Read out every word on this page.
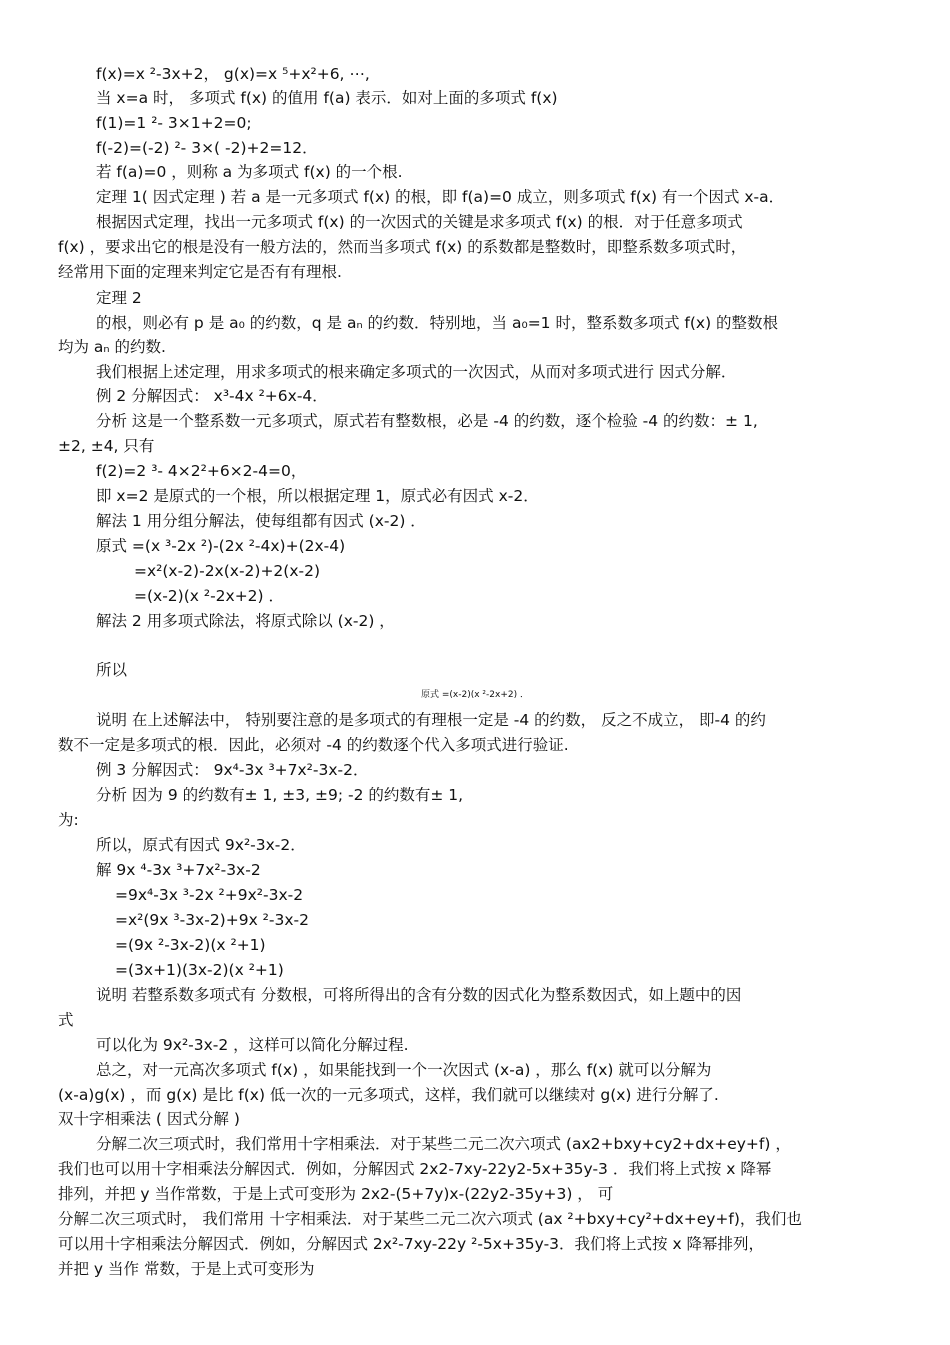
f(x)=x ²-3x+2， g(x)=x ⁵+x²+6, ⋯,
当 x=a 时， 多项式 f(x) 的值用 f(a) 表示．如对上面的多项式 f(x)
f(1)=1 ²- 3×1+2=0;
f(-2)=(-2) ²- 3×( -2)+2=12．
若 f(a)=0 ，则称 a 为多项式 f(x) 的一个根.
定理 1( 因式定理 ) 若 a 是一元多项式 f(x) 的根，即 f(a)=0 成立，则多项式 f(x) 有一个因式 x-a．
根据因式定理，找出一元多项式 f(x) 的一次因式的关键是求多项式 f(x) 的根．对于任意多项式
f(x) ，要求出它的根是没有一般方法的，然而当多项式 f(x) 的系数都是整数时，即整系数多项式时，
经常用下面的定理来判定它是否有有理根.
定理 2
的根，则必有 p 是 a₀ 的约数，q 是 aₙ 的约数．特别地，当 a₀=1 时，整系数多项式 f(x) 的整数根
均为 aₙ 的约数.
我们根据上述定理，用求多项式的根来确定多项式的一次因式，从而对多项式进行 因式分解．
例 2 分解因式： x³-4x ²+6x-4．
分析 这是一个整系数一元多项式，原式若有整数根，必是 -4 的约数，逐个检验 -4 的约数：± 1,
±2, ±4, 只有
f(2)=2 ³- 4×2²+6×2-4=0，
即 x=2 是原式的一个根，所以根据定理 1，原式必有因式 x-2．
解法 1 用分组分解法，使每组都有因式 (x-2) ．
原式 =(x ³-2x ²)-(2x ²-4x)+(2x-4)
=x²(x-2)-2x(x-2)+2(x-2)
=(x-2)(x ²-2x+2) ．
解法 2 用多项式除法，将原式除以 (x-2) ，
所以
原式 =(x-2)(x ²-2x+2) ．
说明 在上述解法中， 特别要注意的是多项式的有理根一定是 -4 的约数， 反之不成立， 即-4 的约
数不一定是多项式的根．因此，必须对 -4 的约数逐个代入多项式进行验证.
例 3 分解因式： 9x⁴-3x ³+7x²-3x-2．
分析 因为 9 的约数有± 1, ±3, ±9; -2 的约数有± 1,
为:
所以，原式有因式 9x²-3x-2．
解 9x ⁴-3x ³+7x²-3x-2
=9x⁴-3x ³-2x ²+9x²-3x-2
=x²(9x ³-3x-2)+9x ²-3x-2
=(9x ²-3x-2)(x ²+1)
=(3x+1)(3x-2)(x ²+1)
说明 若整系数多项式有 分数根，可将所得出的含有分数的因式化为整系数因式，如上题中的因
式
可以化为 9x²-3x-2 ，这样可以简化分解过程.
总之，对一元高次多项式 f(x) ，如果能找到一个一次因式 (x-a) ，那么 f(x) 就可以分解为
(x-a)g(x) ，而 g(x) 是比 f(x) 低一次的一元多项式，这样，我们就可以继续对 g(x) 进行分解了.
双十字相乘法 ( 因式分解 )
分解二次三项式时，我们常用十字相乘法．对于某些二元二次六项式 (ax2+bxy+cy2+dx+ey+f) ，
我们也可以用十字相乘法分解因式．例如，分解因式 2x2-7xy-22y2-5x+35y-3 ．我们将上式按 x 降幂
排列，并把 y 当作常数，于是上式可变形为 2x2-(5+7y)x-(22y2-35y+3) ， 可
分解二次三项式时， 我们常用 十字相乘法．对于某些二元二次六项式 (ax ²+bxy+cy²+dx+ey+f)，我们也
可以用十字相乘法分解因式．例如，分解因式 2x²-7xy-22y ²-5x+35y-3．我们将上式按 x 降幂排列，
并把 y 当作 常数，于是上式可变形为
